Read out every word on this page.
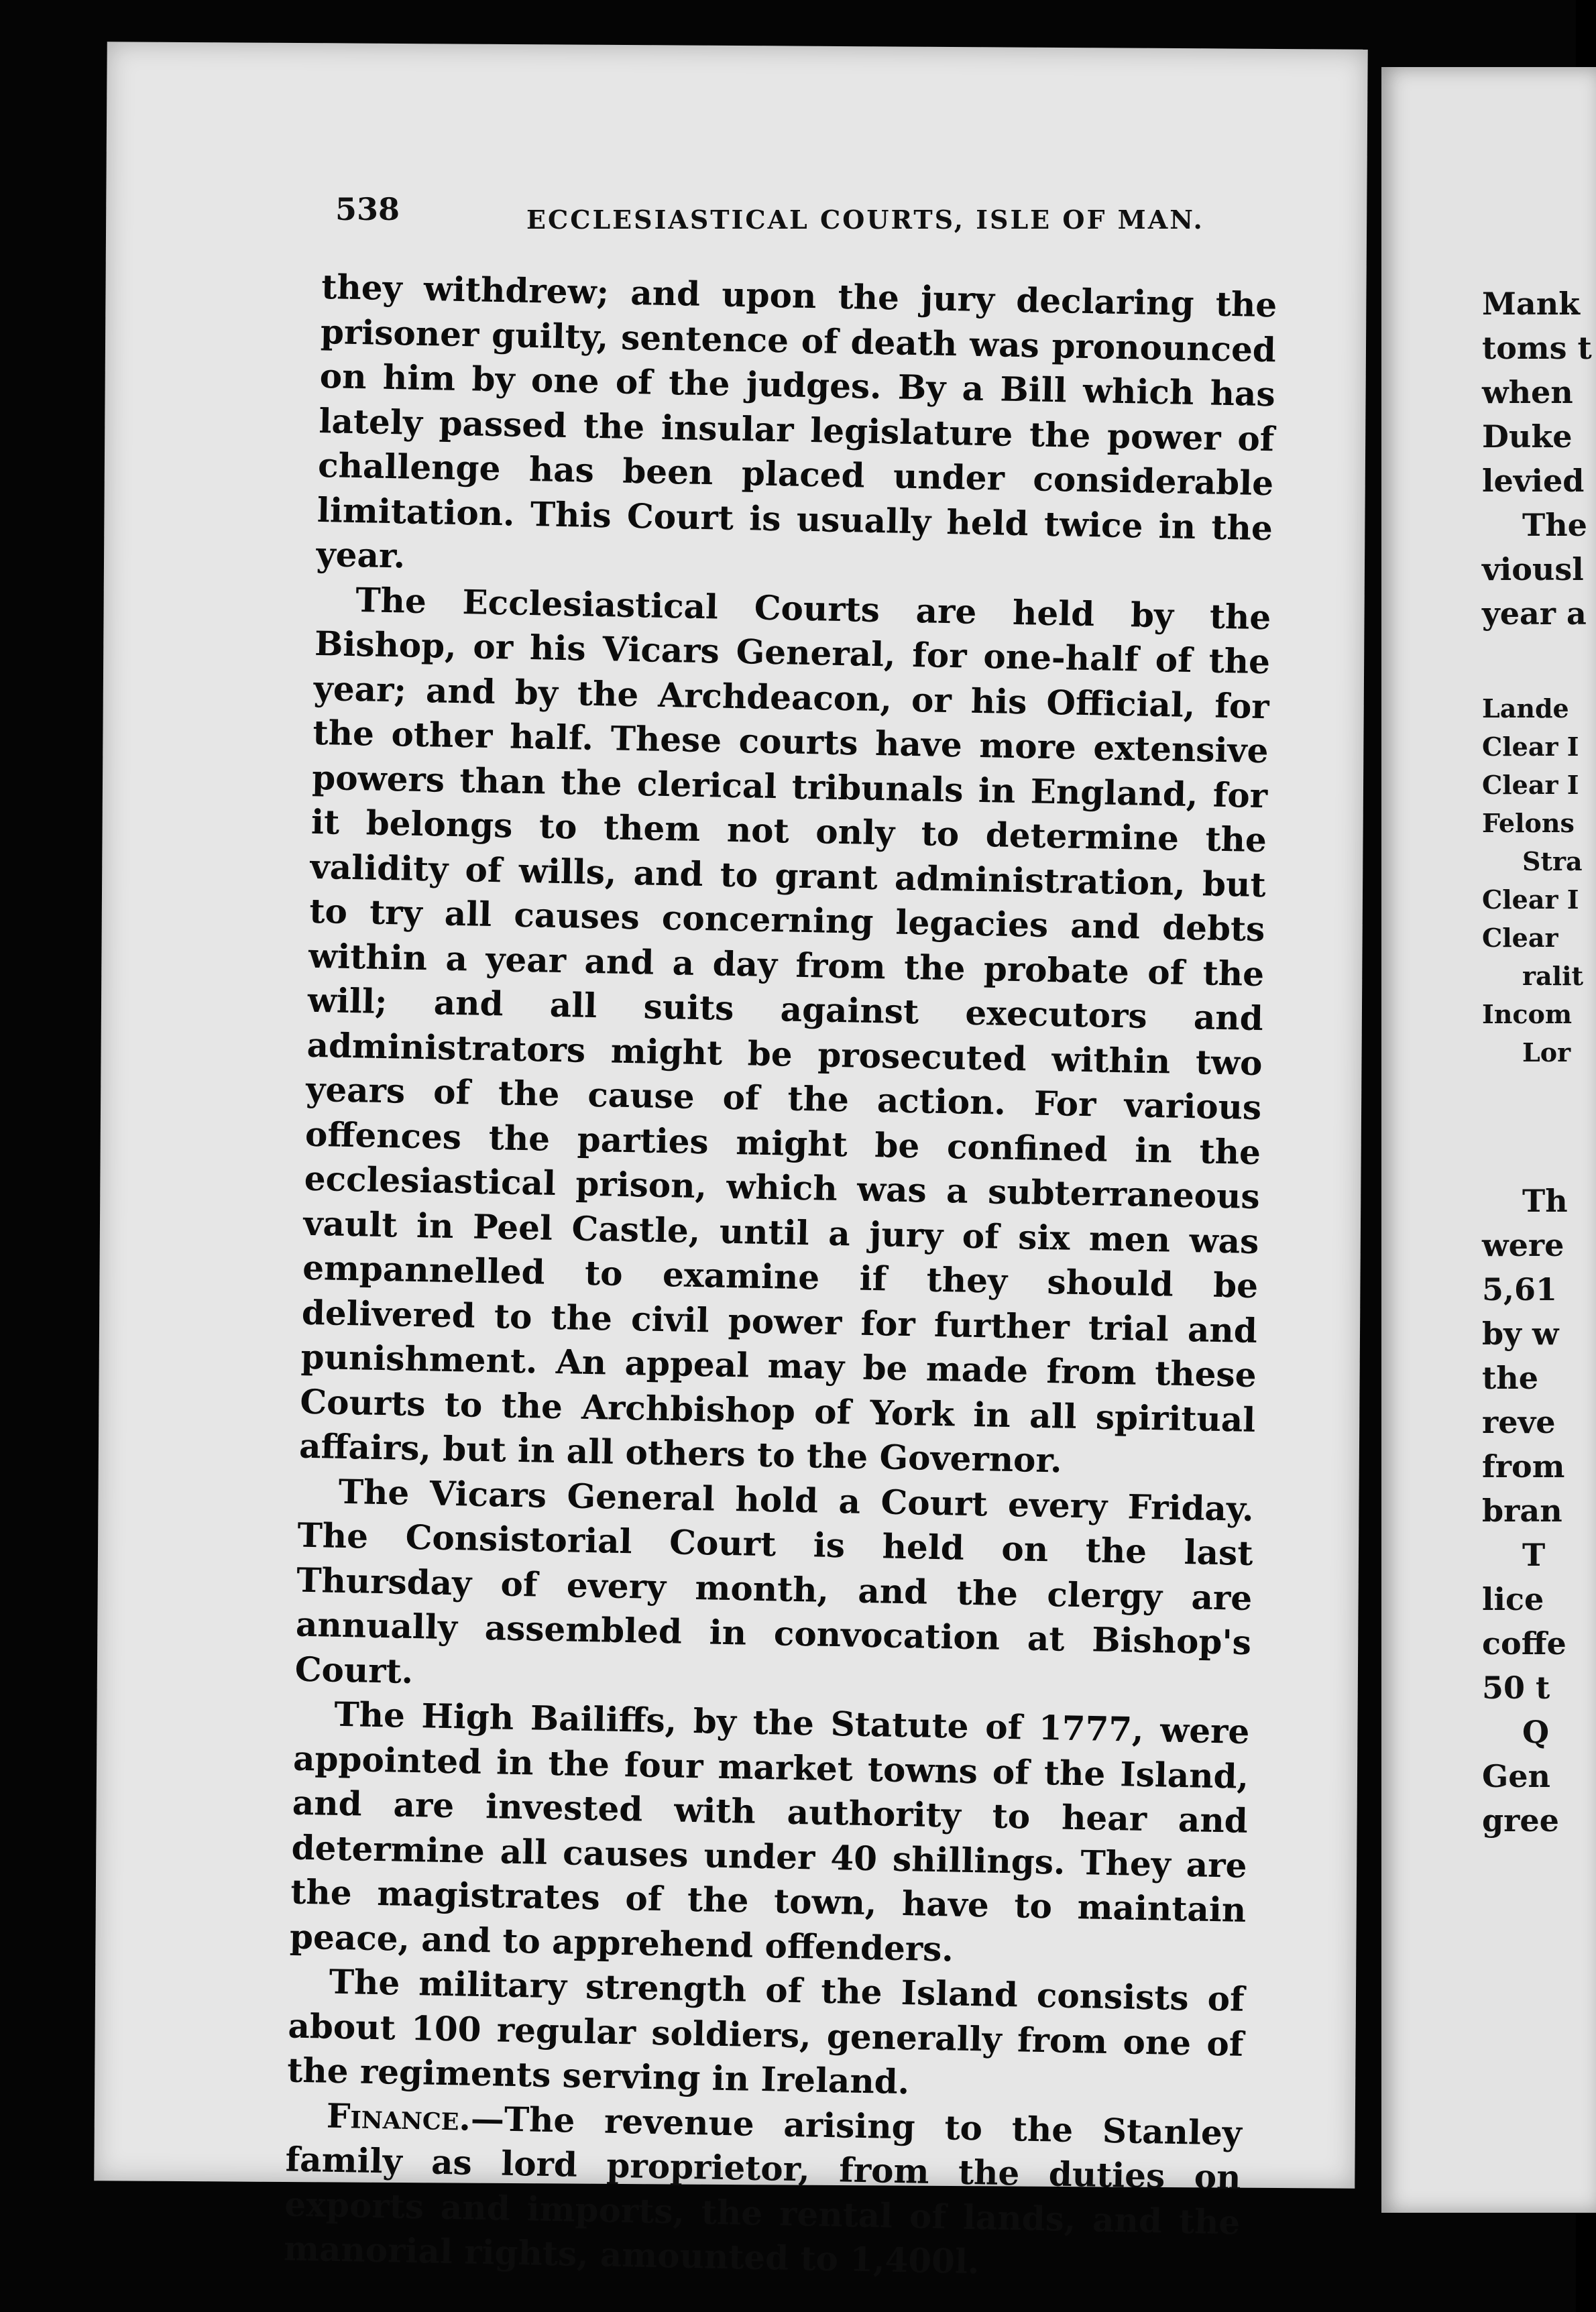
538	ECCLESIASTICAL COURTS, ISLE OF MAN.

they withdrew; and upon the jury declaring the prisoner guilty, sentence of death was pronounced on him by one of the judges. By a Bill which has lately passed the insular legislature the power of challenge has been placed under considerable limitation. This Court is usually held twice in the year.

The Ecclesiastical Courts are held by the Bishop, or his Vicars General, for one-half of the year; and by the Archdeacon, or his Official, for the other half. These courts have more extensive powers than the clerical tribunals in England, for it belongs to them not only to determine the validity of wills, and to grant administration, but to try all causes concerning legacies and debts within a year and a day from the probate of the will; and all suits against executors and administrators might be prosecuted within two years of the cause of the action. For various offences the parties might be confined in the ecclesiastical prison, which was a subterraneous vault in Peel Castle, until a jury of six men was empannelled to examine if they should be delivered to the civil power for further trial and punishment. An appeal may be made from these Courts to the Archbishop of York in all spiritual affairs, but in all others to the Governor.

The Vicars General hold a Court every Friday. The Consistorial Court is held on the last Thursday of every month, and the clergy are annually assembled in convocation at Bishop's Court.

The High Bailiffs, by the Statute of 1777, were appointed in the four market towns of the Island, and are invested with authority to hear and determine all causes under 40 shillings. They are the magistrates of the town, have to maintain peace, and to apprehend offenders.

The military strength of the Island consists of about 100 regular soldiers, generally from one of the regiments serving in Ireland.

Finance.—The revenue arising to the Stanley family as lord proprietor, from the duties on exports and imports, the rental of lands, and the manorial rights, amounted to 1,400l.

Mank
toms t
when
Duke
levied
The
viousl
year a
Lande
Clear I
Clear I
Felons
Stra
Clear I
Clear
ralit
Incom
Lor
Th
were
5,61
by w
the
reve
from
bran
T
lice
coffe
50 t
Q
Gen
gree
